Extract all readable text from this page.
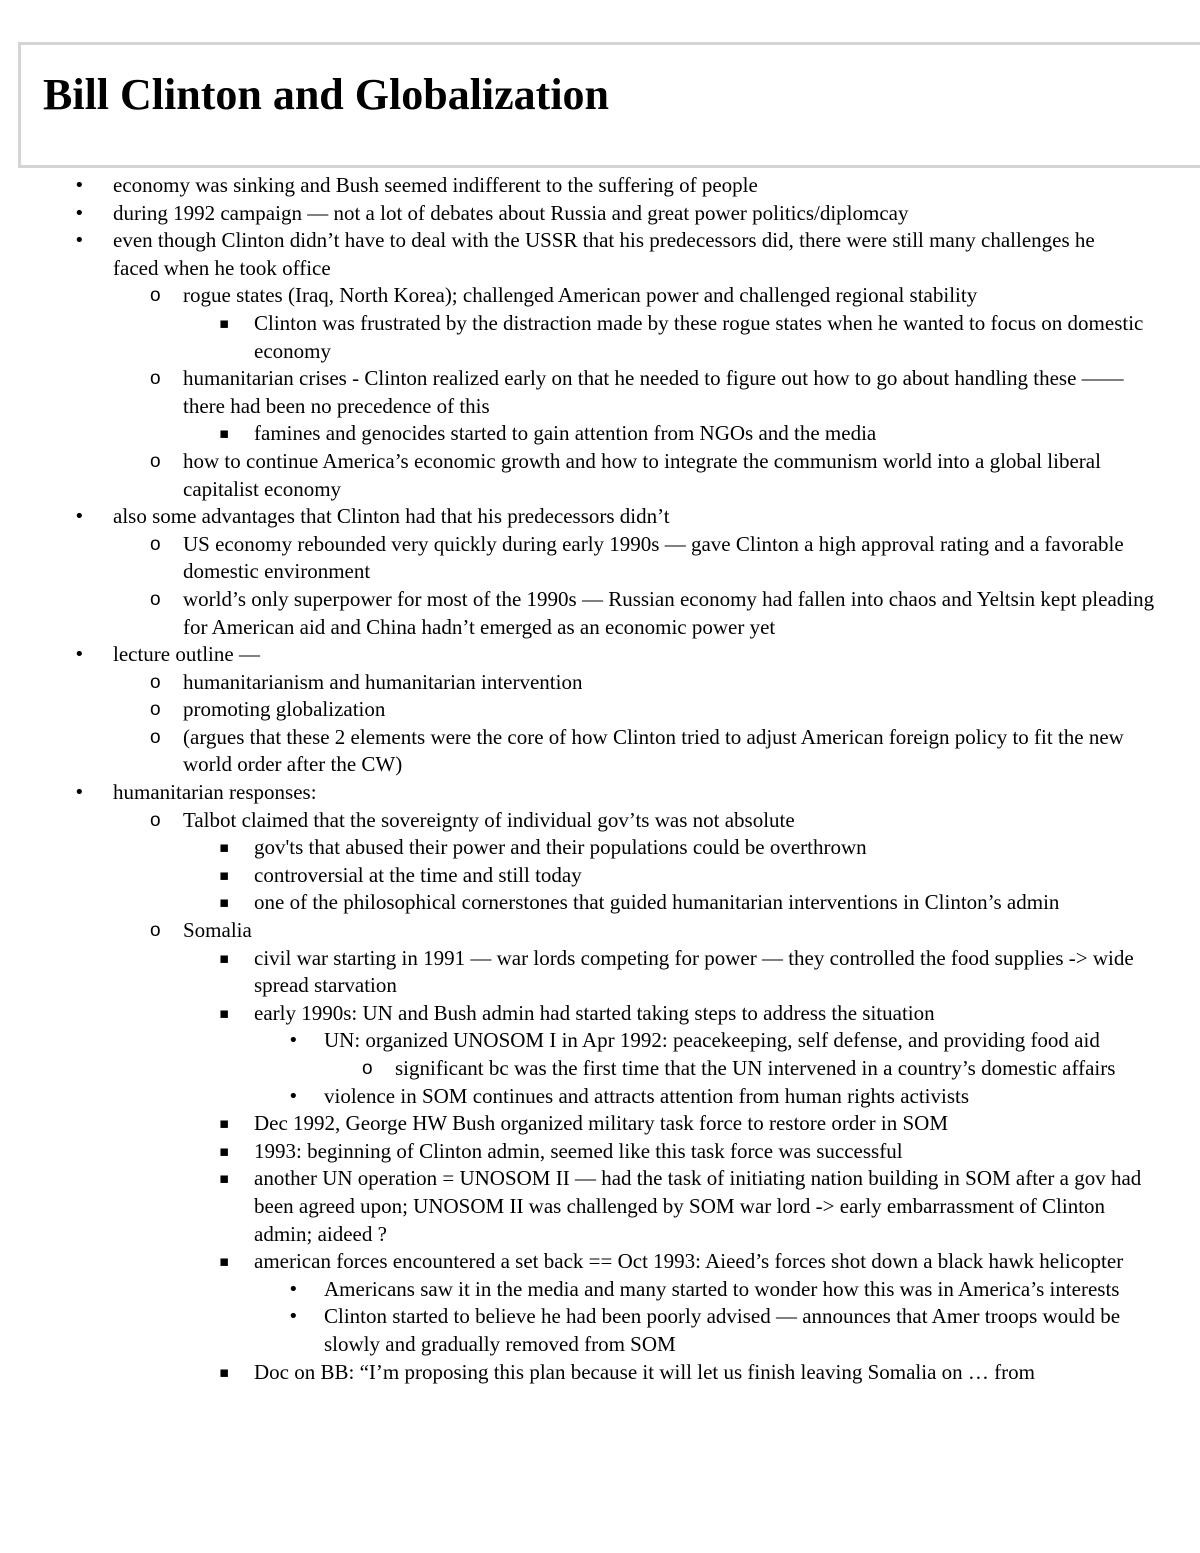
Bill Clinton and Globalization
• economy was sinking and Bush seemed indifferent to the suffering of people
• during 1992 campaign — not a lot of debates about Russia and great power politics/diplomcay
• even though Clinton didn’t have to deal with the USSR that his predecessors did, there were still many challenges he faced when he took office
o rogue states (Iraq, North Korea); challenged American power and challenged regional stability
▪ Clinton was frustrated by the distraction made by these rogue states when he wanted to focus on domestic economy
o humanitarian crises - Clinton realized early on that he needed to figure out how to go about handling these —— there had been no precedence of this
▪ famines and genocides started to gain attention from NGOs and the media
o how to continue America’s economic growth and how to integrate the communism world into a global liberal capitalist economy
• also some advantages that Clinton had that his predecessors didn’t
o US economy rebounded very quickly during early 1990s — gave Clinton a high approval rating and a favorable domestic environment
o world’s only superpower for most of the 1990s — Russian economy had fallen into chaos and Yeltsin kept pleading for American aid and China hadn’t emerged as an economic power yet
• lecture outline —
o humanitarianism and humanitarian intervention
o promoting globalization
o (argues that these 2 elements were the core of how Clinton tried to adjust American foreign policy to fit the new world order after the CW)
• humanitarian responses:
o Talbot claimed that the sovereignty of individual gov’ts was not absolute
▪ gov'ts that abused their power and their populations could be overthrown
▪ controversial at the time and still today
▪ one of the philosophical cornerstones that guided humanitarian interventions in Clinton’s admin
o Somalia
▪ civil war starting in 1991 — war lords competing for power — they controlled the food supplies -> wide spread starvation
▪ early 1990s: UN and Bush admin had started taking steps to address the situation
• UN: organized UNOSOM I in Apr 1992: peacekeeping, self defense, and providing food aid
o significant bc was the first time that the UN intervened in a country’s domestic affairs
• violence in SOM continues and attracts attention from human rights activists
▪ Dec 1992, George HW Bush organized military task force to restore order in SOM
▪ 1993: beginning of Clinton admin, seemed like this task force was successful
▪ another UN operation = UNOSOM II — had the task of initiating nation building in SOM after a gov had been agreed upon; UNOSOM II was challenged by SOM war lord -> early embarrassment of Clinton admin; aideed ?
▪ american forces encountered a set back == Oct 1993: Aieed’s forces shot down a black hawk helicopter
• Americans saw it in the media and many started to wonder how this was in America’s interests
• Clinton started to believe he had been poorly advised — announces that Amer troops would be slowly and gradually removed from SOM
▪ Doc on BB: “I’m proposing this plan because it will let us finish leaving Somalia on … from
